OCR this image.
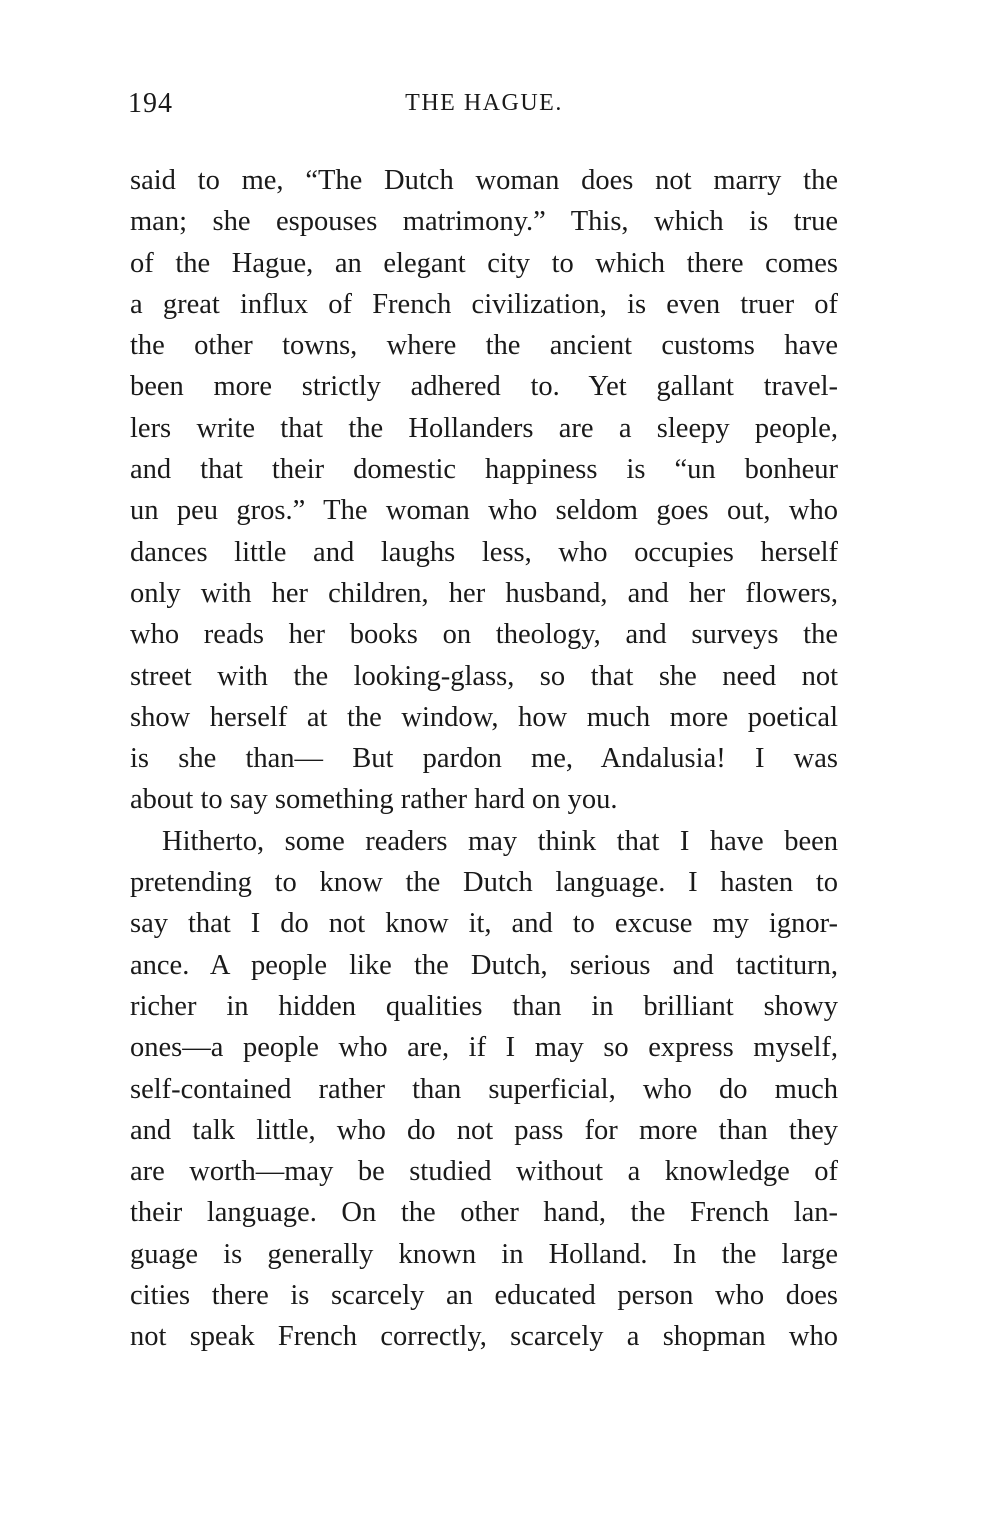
194	THE HAGUE.
said to me, “The Dutch woman does not marry the
man; she espouses matrimony.” This, which is true
of the Hague, an elegant city to which there comes
a great influx of French civilization, is even truer of
the other towns, where the ancient customs have
been more strictly adhered to. Yet gallant travel-
lers write that the Hollanders are a sleepy people,
and that their domestic happiness is “un bonheur
un peu gros.” The woman who seldom goes out, who
dances little and laughs less, who occupies herself
only with her children, her husband, and her flowers,
who reads her books on theology, and surveys the
street with the looking-glass, so that she need not
show herself at the window, how much more poetical
is she than— But pardon me, Andalusia! I was
about to say something rather hard on you.
Hitherto, some readers may think that I have been
pretending to know the Dutch language. I hasten to
say that I do not know it, and to excuse my ignor-
ance. A people like the Dutch, serious and tactiturn,
richer in hidden qualities than in brilliant showy
ones—a people who are, if I may so express myself,
self-contained rather than superficial, who do much
and talk little, who do not pass for more than they
are worth—may be studied without a knowledge of
their language. On the other hand, the French lan-
guage is generally known in Holland. In the large
cities there is scarcely an educated person who does
not speak French correctly, scarcely a shopman who
